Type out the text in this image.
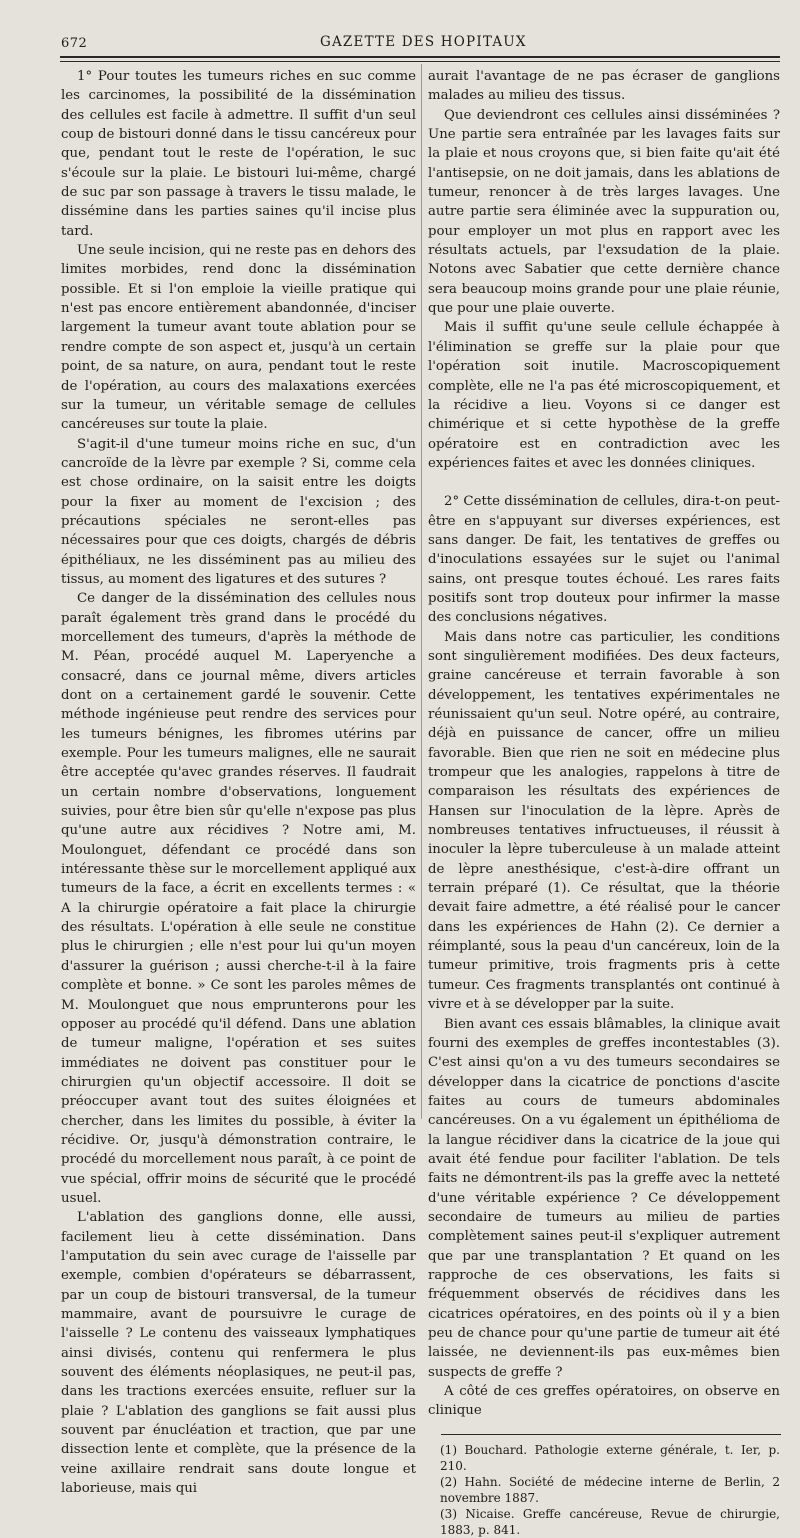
672	GAZETTE DES HOPITAUX

1° Pour toutes les tumeurs riches en suc comme les carcinomes, la possibilité de la dissémination des cellules est facile à admettre. Il suffit d'un seul coup de bistouri donné dans le tissu cancéreux pour que, pendant tout le reste de l'opération, le suc s'écoule sur la plaie. Le bistouri lui-même, chargé de suc par son passage à travers le tissu malade, le dissémine dans les parties saines qu'il incise plus tard.

Une seule incision, qui ne reste pas en dehors des limites morbides, rend donc la dissémination possible. Et si l'on emploie la vieille pratique qui n'est pas encore entièrement abandonnée, d'inciser largement la tumeur avant toute ablation pour se rendre compte de son aspect et, jusqu'à un certain point, de sa nature, on aura, pendant tout le reste de l'opération, au cours des malaxations exercées sur la tumeur, un véritable semage de cellules cancéreuses sur toute la plaie.

S'agit-il d'une tumeur moins riche en suc, d'un cancroïde de la lèvre par exemple ? Si, comme cela est chose ordinaire, on la saisit entre les doigts pour la fixer au moment de l'excision ; des précautions spéciales ne seront-elles pas nécessaires pour que ces doigts, chargés de débris épithéliaux, ne les disséminent pas au milieu des tissus, au moment des ligatures et des sutures ?

Ce danger de la dissémination des cellules nous paraît également très grand dans le procédé du morcellement des tumeurs, d'après la méthode de M. Péan, procédé auquel M. Laperyenche a consacré, dans ce journal même, divers articles dont on a certainement gardé le souvenir. Cette méthode ingénieuse peut rendre des services pour les tumeurs bénignes, les fibromes utérins par exemple. Pour les tumeurs malignes, elle ne saurait être acceptée qu'avec grandes réserves. Il faudrait un certain nombre d'observations, longuement suivies, pour être bien sûr qu'elle n'expose pas plus qu'une autre aux récidives ? Notre ami, M. Moulonguet, défendant ce procédé dans son intéressante thèse sur le morcellement appliqué aux tumeurs de la face, a écrit en excellents termes : « A la chirurgie opératoire a fait place la chirurgie des résultats. L'opération à elle seule ne constitue plus le chirurgien ; elle n'est pour lui qu'un moyen d'assurer la guérison ; aussi cherche-t-il à la faire complète et bonne. » Ce sont les paroles mêmes de M. Moulonguet que nous emprunterons pour les opposer au procédé qu'il défend. Dans une ablation de tumeur maligne, l'opération et ses suites immédiates ne doivent pas constituer pour le chirurgien qu'un objectif accessoire. Il doit se préoccuper avant tout des suites éloignées et chercher, dans les limites du possible, à éviter la récidive. Or, jusqu'à démonstration contraire, le procédé du morcellement nous paraît, à ce point de vue spécial, offrir moins de sécurité que le procédé usuel.

L'ablation des ganglions donne, elle aussi, facilement lieu à cette dissémination. Dans l'amputation du sein avec curage de l'aisselle par exemple, combien d'opérateurs se débarrassent, par un coup de bistouri transversal, de la tumeur mammaire, avant de poursuivre le curage de l'aisselle ? Le contenu des vaisseaux lymphatiques ainsi divisés, contenu qui renfermera le plus souvent des éléments néoplasiques, ne peut-il pas, dans les tractions exercées ensuite, refluer sur la plaie ? L'ablation des ganglions se fait aussi plus souvent par énucléation et traction, que par une dissection lente et complète, que la présence de la veine axillaire rendrait sans doute longue et laborieuse, mais qui

aurait l'avantage de ne pas écraser de ganglions malades au milieu des tissus.

Que deviendront ces cellules ainsi disséminées ? Une partie sera entraînée par les lavages faits sur la plaie et nous croyons que, si bien faite qu'ait été l'antisepsie, on ne doit jamais, dans les ablations de tumeur, renoncer à de très larges lavages. Une autre partie sera éliminée avec la suppuration ou, pour employer un mot plus en rapport avec les résultats actuels, par l'exsudation de la plaie. Notons avec Sabatier que cette dernière chance sera beaucoup moins grande pour une plaie réunie, que pour une plaie ouverte.

Mais il suffit qu'une seule cellule échappée à l'élimination se greffe sur la plaie pour que l'opération soit inutile. Macroscopiquement complète, elle ne l'a pas été microscopiquement, et la récidive a lieu. Voyons si ce danger est chimérique et si cette hypothèse de la greffe opératoire est en contradiction avec les expériences faites et avec les données cliniques.

2° Cette dissémination de cellules, dira-t-on peut-être en s'appuyant sur diverses expériences, est sans danger. De fait, les tentatives de greffes ou d'inoculations essayées sur le sujet ou l'animal sains, ont presque toutes échoué. Les rares faits positifs sont trop douteux pour infirmer la masse des conclusions négatives.

Mais dans notre cas particulier, les conditions sont singulièrement modifiées. Des deux facteurs, graine cancéreuse et terrain favorable à son développement, les tentatives expérimentales ne réunissaient qu'un seul. Notre opéré, au contraire, déjà en puissance de cancer, offre un milieu favorable. Bien que rien ne soit en médecine plus trompeur que les analogies, rappelons à titre de comparaison les résultats des expériences de Hansen sur l'inoculation de la lèpre. Après de nombreuses tentatives infructueuses, il réussit à inoculer la lèpre tuberculeuse à un malade atteint de lèpre anesthésique, c'est-à-dire offrant un terrain préparé (1). Ce résultat, que la théorie devait faire admettre, a été réalisé pour le cancer dans les expériences de Hahn (2). Ce dernier a réimplanté, sous la peau d'un cancéreux, loin de la tumeur primitive, trois fragments pris à cette tumeur. Ces fragments transplantés ont continué à vivre et à se développer par la suite.

Bien avant ces essais blâmables, la clinique avait fourni des exemples de greffes incontestables (3). C'est ainsi qu'on a vu des tumeurs secondaires se développer dans la cicatrice de ponctions d'ascite faites au cours de tumeurs abdominales cancéreuses. On a vu également un épithélioma de la langue récidiver dans la cicatrice de la joue qui avait été fendue pour faciliter l'ablation. De tels faits ne démontrent-ils pas la greffe avec la netteté d'une véritable expérience ? Ce développement secondaire de tumeurs au milieu de parties complètement saines peut-il s'expliquer autrement que par une transplantation ? Et quand on les rapproche de ces observations, les faits si fréquemment observés de récidives dans les cicatrices opératoires, en des points où il y a bien peu de chance pour qu'une partie de tumeur ait été laissée, ne deviennent-ils pas eux-mêmes bien suspects de greffe ?

A côté de ces greffes opératoires, on observe en clinique

(1) Bouchard. Pathologie externe générale, t. Ier, p. 210.
(2) Hahn. Société de médecine interne de Berlin, 2 novembre 1887.
(3) Nicaise. Greffe cancéreuse, Revue de chirurgie, 1883, p. 841.
